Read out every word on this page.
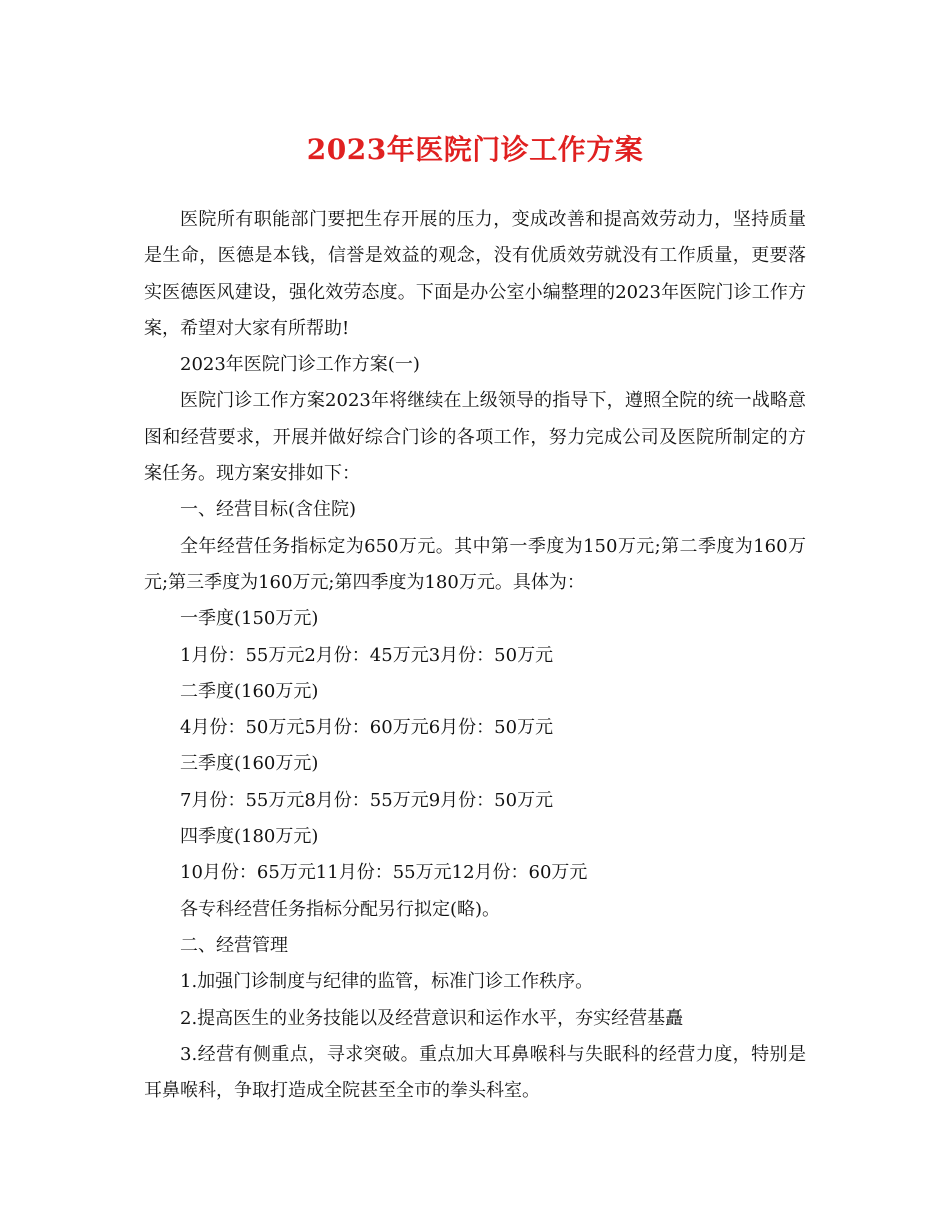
2023年医院门诊工作方案

医院所有职能部门要把生存开展的压力，变成改善和提高效劳动力，坚持质量是生命，医德是本钱，信誉是效益的观念，没有优质效劳就没有工作质量，更要落实医德医风建设，强化效劳态度。下面是办公室小编整理的2023年医院门诊工作方案，希望对大家有所帮助!

2023年医院门诊工作方案(一)

医院门诊工作方案2023年将继续在上级领导的指导下，遵照全院的统一战略意图和经营要求，开展并做好综合门诊的各项工作，努力完成公司及医院所制定的方案任务。现方案安排如下：

一、经营目标(含住院)

全年经营任务指标定为650万元。其中第一季度为150万元;第二季度为160万元;第三季度为160万元;第四季度为180万元。具体为：

一季度(150万元)

1月份：55万元2月份：45万元3月份：50万元

二季度(160万元)

4月份：50万元5月份：60万元6月份：50万元

三季度(160万元)

7月份：55万元8月份：55万元9月份：50万元

四季度(180万元)

10月份：65万元11月份：55万元12月份：60万元

各专科经营任务指标分配另行拟定(略)。

二、经营管理

1.加强门诊制度与纪律的监管，标准门诊工作秩序。

2.提高医生的业务技能以及经营意识和运作水平，夯实经营基矗

3.经营有侧重点，寻求突破。重点加大耳鼻喉科与失眠科的经营力度，特别是耳鼻喉科，争取打造成全院甚至全市的拳头科室。
